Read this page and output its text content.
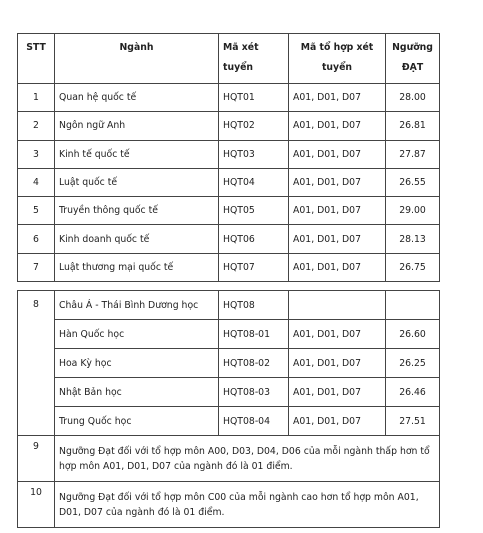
STT	Ngành	Mã xét tuyển	Mã tổ hợp xét tuyển	Ngưỡng ĐẠT
1	Quan hệ quốc tế	HQT01	A01, D01, D07	28.00
2	Ngôn ngữ Anh	HQT02	A01, D01, D07	26.81
3	Kinh tế quốc tế	HQT03	A01, D01, D07	27.87
4	Luật quốc tế	HQT04	A01, D01, D07	26.55
5	Truyền thông quốc tế	HQT05	A01, D01, D07	29.00
6	Kinh doanh quốc tế	HQT06	A01, D01, D07	28.13
7	Luật thương mại quốc tế	HQT07	A01, D01, D07	26.75
8	Châu Á - Thái Bình Dương học	HQT08		
	Hàn Quốc học	HQT08-01	A01, D01, D07	26.60
	Hoa Kỳ học	HQT08-02	A01, D01, D07	26.25
	Nhật Bản học	HQT08-03	A01, D01, D07	26.46
	Trung Quốc học	HQT08-04	A01, D01, D07	27.51
9	Ngưỡng Đạt đối với tổ hợp môn A00, D03, D04, D06 của mỗi ngành thấp hơn tổ hợp môn A01, D01, D07 của ngành đó là 01 điểm.			
10	Ngưỡng Đạt đối với tổ hợp môn C00 của mỗi ngành cao hơn tổ hợp môn A01, D01, D07 của ngành đó là 01 điểm.			
